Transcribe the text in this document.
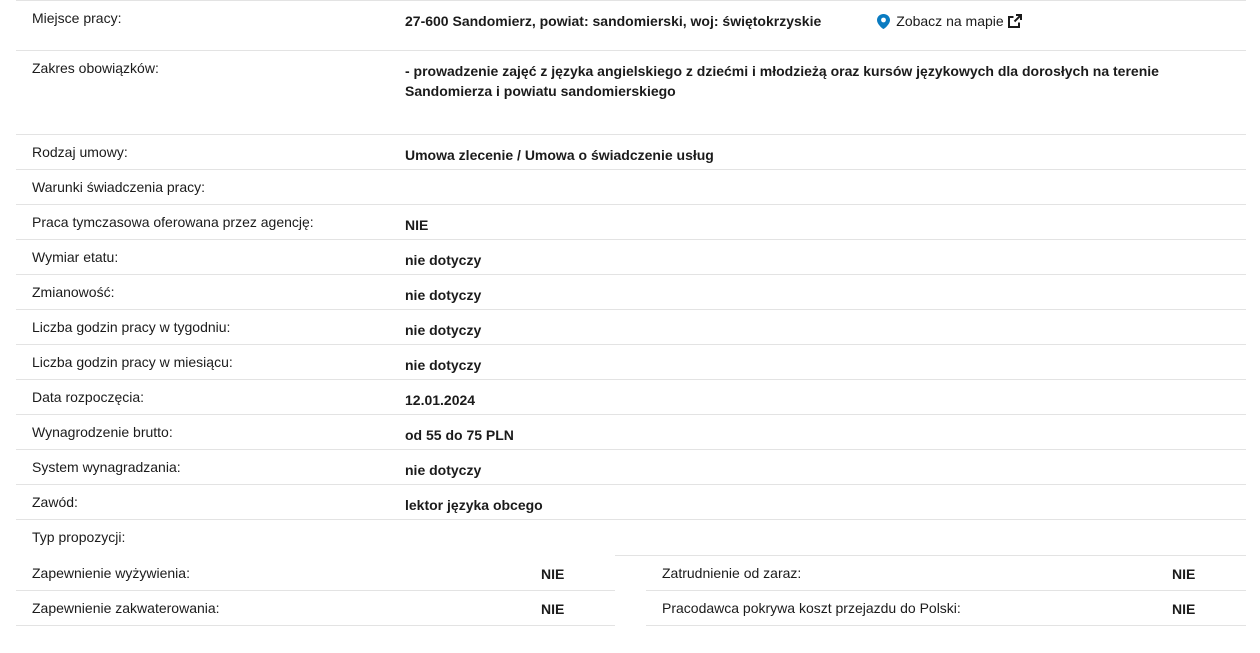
Miejsce pracy:	27-600 Sandomierz, powiat: sandomierski, woj: świętokrzyskie	Zobacz na mapie
Zakres obowiązków:	- prowadzenie zajęć z języka angielskiego z dziećmi i młodzieżą oraz kursów językowych dla dorosłych na terenie Sandomierza i powiatu sandomierskiego
Rodzaj umowy:	Umowa zlecenie / Umowa o świadczenie usług
Warunki świadczenia pracy:
Praca tymczasowa oferowana przez agencję:	NIE
Wymiar etatu:	nie dotyczy
Zmianowość:	nie dotyczy
Liczba godzin pracy w tygodniu:	nie dotyczy
Liczba godzin pracy w miesiącu:	nie dotyczy
Data rozpoczęcia:	12.01.2024
Wynagrodzenie brutto:	od 55 do 75 PLN
System wynagradzania:	nie dotyczy
Zawód:	lektor języka obcego
Typ propozycji:
Zapewnienie wyżywienia:	NIE
Zapewnienie zakwaterowania:	NIE
Zatrudnienie od zaraz:	NIE
Pracodawca pokrywa koszt przejazdu do Polski:	NIE
